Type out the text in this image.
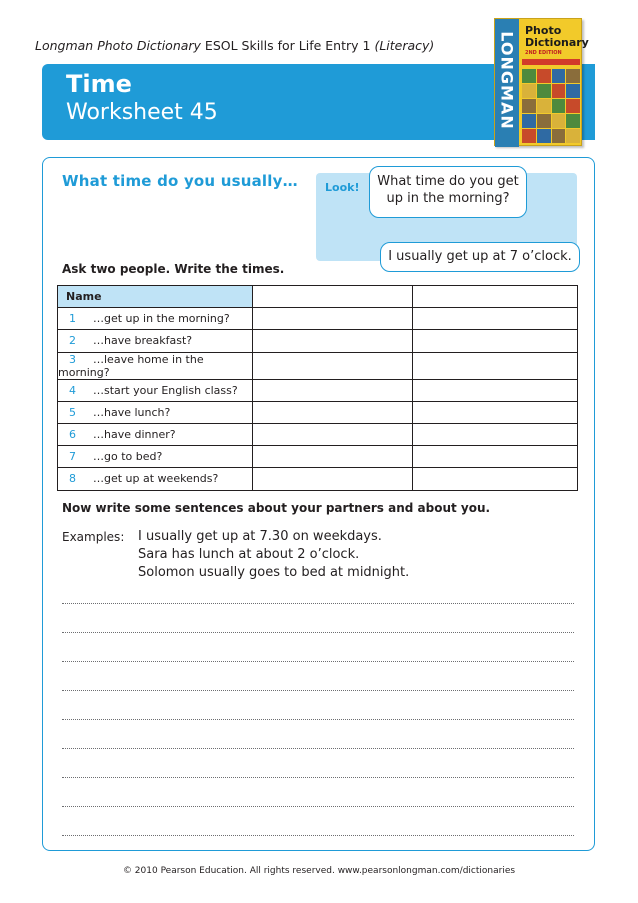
Longman Photo Dictionary ESOL Skills for Life Entry 1 (Literacy)
Time
Worksheet 45	LONGMAN
Photo
Dictionary
2ND EDITION
What time do you usually… Look!	What time do you get up in the morning?
I usually get up at 7 o’clock.
Ask two people. Write the times.
Name		
1 …get up in the morning?		
2 …have breakfast?		
3 …leave home in the morning?		
4 …start your English class?		
5 …have lunch?		
6 …have dinner?		
7 …go to bed?		
8 …get up at weekends?		
Now write some sentences about your partners and about you.
Examples: I usually get up at 7.30 on weekdays.
Sara has lunch at about 2 o’clock.
Solomon usually goes to bed at midnight.
© 2010 Pearson Education. All rights reserved. www.pearsonlongman.com/dictionaries
